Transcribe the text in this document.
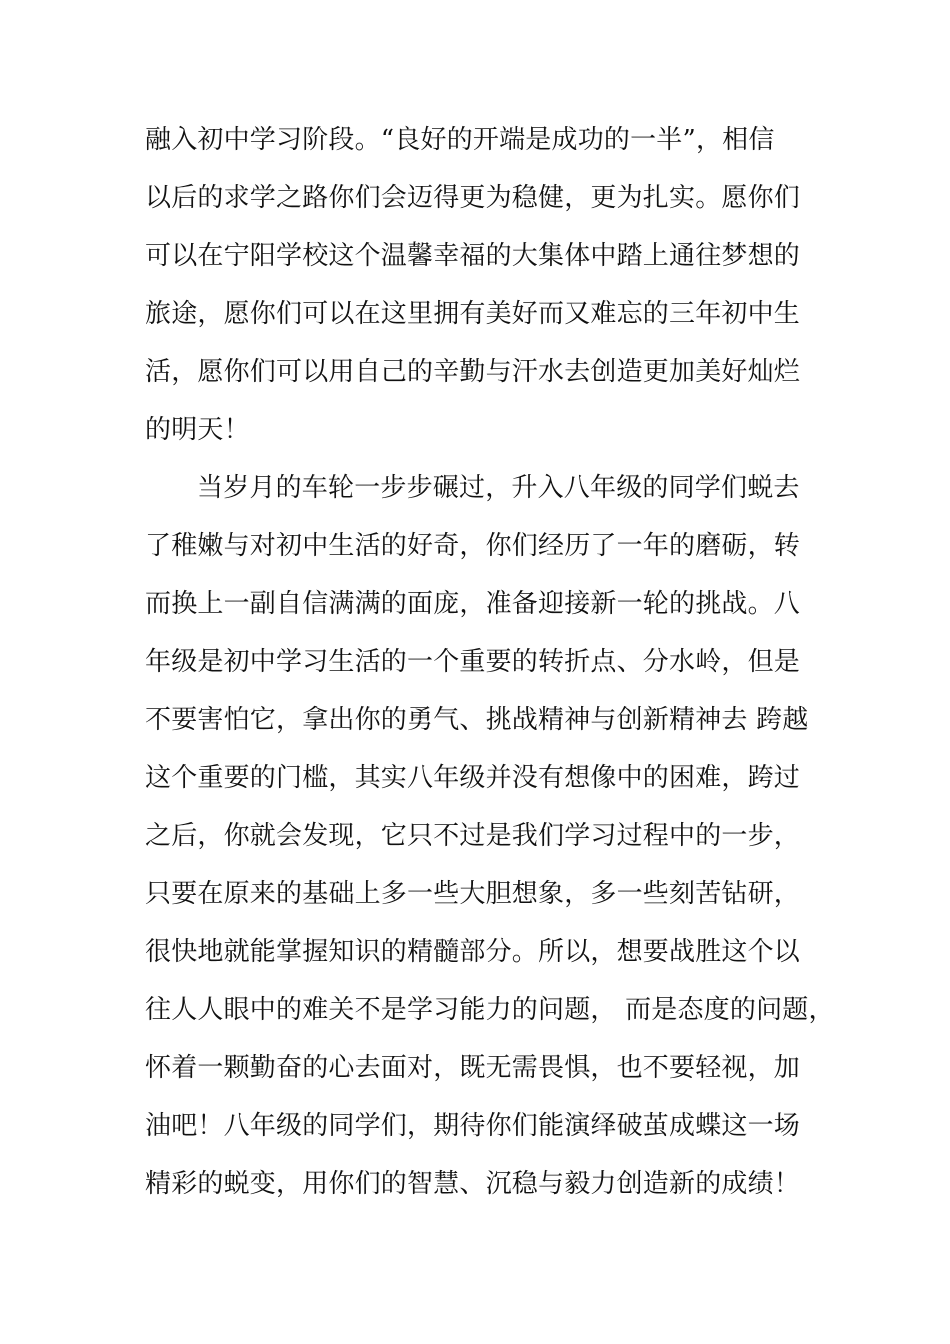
融入初中学习阶段。“良好的开端是成功的一半”，相信
以后的求学之路你们会迈得更为稳健，更为扎实。愿你们
可以在宁阳学校这个温馨幸福的大集体中踏上通往梦想的
旅途，愿你们可以在这里拥有美好而又难忘的三年初中生
活，愿你们可以用自己的辛勤与汗水去创造更加美好灿烂
的明天！
当岁月的车轮一步步碾过，升入八年级的同学们蜕去
了稚嫩与对初中生活的好奇，你们经历了一年的磨砺，转
而换上一副自信满满的面庞，准备迎接新一轮的挑战。八
年级是初中学习生活的一个重要的转折点、分水岭，但是
不要害怕它，拿出你的勇气、挑战精神与创新精神去 跨越
这个重要的门槛，其实八年级并没有想像中的困难，跨过
之后，你就会发现，它只不过是我们学习过程中的一步，
只要在原来的基础上多一些大胆想象，多一些刻苦钻研，
很快地就能掌握知识的精髓部分。所以，想要战胜这个以
往人人眼中的难关不是学习能力的问题， 而是态度的问题，
怀着一颗勤奋的心去面对，既无需畏惧，也不要轻视，加
油吧！八年级的同学们，期待你们能演绎破茧成蝶这一场
精彩的蜕变，用你们的智慧、沉稳与毅力创造新的成绩！
